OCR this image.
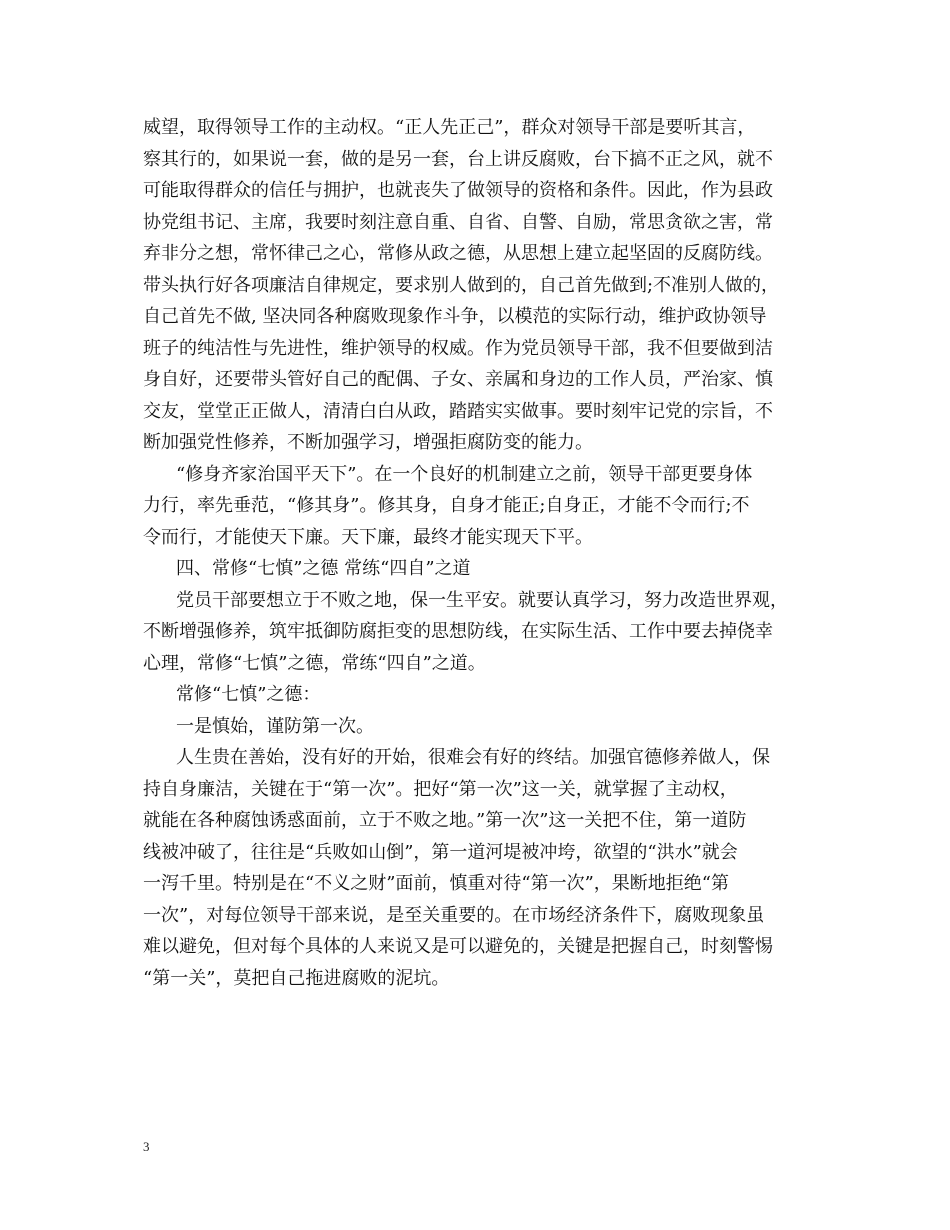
威望，取得领导工作的主动权。“正人先正己”，群众对领导干部是要听其言，
察其行的，如果说一套，做的是另一套，台上讲反腐败，台下搞不正之风，就不
可能取得群众的信任与拥护，也就丧失了做领导的资格和条件。因此，作为县政
协党组书记、主席，我要时刻注意自重、自省、自警、自励，常思贪欲之害，常
弃非分之想，常怀律己之心，常修从政之德，从思想上建立起坚固的反腐防线。
带头执行好各项廉洁自律规定，要求别人做到的，自己首先做到;不准别人做的，
自己首先不做, 坚决同各种腐败现象作斗争，以模范的实际行动，维护政协领导
班子的纯洁性与先进性，维护领导的权威。作为党员领导干部，我不但要做到洁
身自好，还要带头管好自己的配偶、子女、亲属和身边的工作人员，严治家、慎
交友，堂堂正正做人，清清白白从政，踏踏实实做事。要时刻牢记党的宗旨，不
断加强党性修养，不断加强学习，增强拒腐防变的能力。
“修身齐家治国平天下”。在一个良好的机制建立之前，领导干部更要身体
力行，率先垂范，“修其身”。修其身，自身才能正;自身正，才能不令而行;不
令而行，才能使天下廉。天下廉，最终才能实现天下平。
四、常修“七慎”之德 常练“四自”之道
党员干部要想立于不败之地，保一生平安。就要认真学习，努力改造世界观，
不断增强修养，筑牢抵御防腐拒变的思想防线，在实际生活、工作中要去掉侥幸
心理，常修“七慎”之德，常练“四自”之道。
常修“七慎”之德：
一是慎始，谨防第一次。
人生贵在善始，没有好的开始，很难会有好的终结。加强官德修养做人，保
持自身廉洁，关键在于“第一次”。把好“第一次”这一关，就掌握了主动权，
就能在各种腐蚀诱惑面前，立于不败之地。”第一次”这一关把不住，第一道防
线被冲破了，往往是“兵败如山倒”，第一道河堤被冲垮，欲望的“洪水”就会
一泻千里。特别是在“不义之财”面前，慎重对待“第一次”，果断地拒绝“第
一次”，对每位领导干部来说，是至关重要的。在市场经济条件下，腐败现象虽
难以避免，但对每个具体的人来说又是可以避免的，关键是把握自己，时刻警惕
“第一关”，莫把自己拖进腐败的泥坑。
3
